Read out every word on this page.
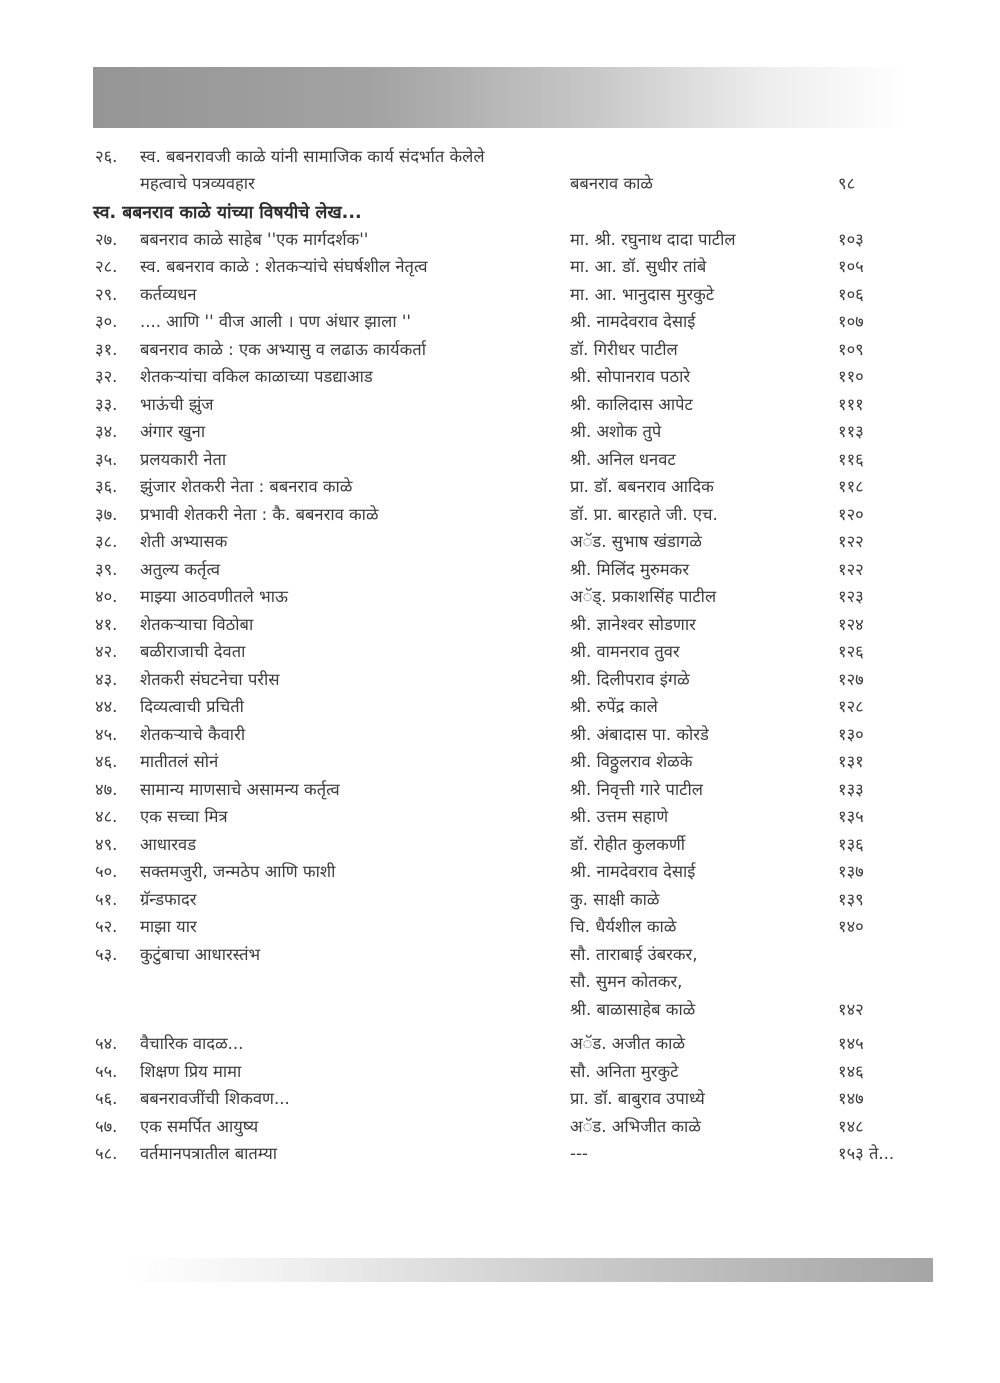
२६.	स्व. बबनरावजी काळे यांनी सामाजिक कार्य संदर्भात केलेले
महत्वाचे पत्रव्यवहार	बबनराव काळे	९८
स्व. बबनराव काळे यांच्या विषयीचे लेख...
२७.	बबनराव काळे साहेब ''एक मार्गदर्शक''	मा. श्री. रघुनाथ दादा पाटील	१०३
२८.	स्व. बबनराव काळे : शेतकऱ्यांचे संघर्षशील नेतृत्व	मा. आ. डॉ. सुधीर तांबे	१०५
२९.	कर्तव्यधन	मा. आ. भानुदास मुरकुटे	१०६
३०.	.... आणि '' वीज आली । पण अंधार झाला ''	श्री. नामदेवराव देसाई	१०७
३१.	बबनराव काळे : एक अभ्यासु व लढाऊ कार्यकर्ता	डॉ. गिरीधर पाटील	१०९
३२.	शेतकऱ्यांचा वकिल काळाच्या पडद्याआड	श्री. सोपानराव पठारे	११०
३३.	भाऊंची झुंज	श्री. कालिदास आपेट	१११
३४.	अंगार खुना	श्री. अशोक तुपे	११३
३५.	प्रलयकारी नेता	श्री. अनिल धनवट	११६
३६.	झुंजार शेतकरी नेता : बबनराव काळे	प्रा. डॉ. बबनराव आदिक	११८
३७.	प्रभावी शेतकरी नेता : कै. बबनराव काळे	डॉ. प्रा. बारहाते जी. एच.	१२०
३८.	शेती अभ्यासक	अॅड. सुभाष खंडागळे	१२२
३९.	अतुल्य कर्तृत्व	श्री. मिलिंद मुरुमकर	१२२
४०.	माझ्या आठवणीतले भाऊ	अॅड्. प्रकाशसिंह पाटील	१२३
४१.	शेतकऱ्याचा विठोबा	श्री. ज्ञानेश्वर सोडणार	१२४
४२.	बळीराजाची देवता	श्री. वामनराव तुवर	१२६
४३.	शेतकरी संघटनेचा परीस	श्री. दिलीपराव इंगळे	१२७
४४.	दिव्यत्वाची प्रचिती	श्री. रुपेंद्र काले	१२८
४५.	शेतकऱ्याचे कैवारी	श्री. अंबादास पा. कोरडे	१३०
४६.	मातीतलं सोनं	श्री. विठ्ठुलराव शेळके	१३१
४७.	सामान्य माणसाचे असामन्य कर्तृत्व	श्री. निवृत्ती गारे पाटील	१३३
४८.	एक सच्चा मित्र	श्री. उत्तम सहाणे	१३५
४९.	आधारवड	डॉ. रोहीत कुलकर्णी	१३६
५०.	सक्तमजुरी, जन्मठेप आणि फाशी	श्री. नामदेवराव देसाई	१३७
५१.	ग्रॅन्डफादर	कु. साक्षी काळे	१३९
५२.	माझा यार	चि. धैर्यशील काळे	१४०
५३.	कुटुंबाचा आधारस्तंभ	सौ. ताराबाई उंबरकर,
सौ. सुमन कोतकर,
श्री. बाळासाहेब काळे	१४२
५४.	वैचारिक वादळ...	अॅड. अजीत काळे	१४५
५५.	शिक्षण प्रिय मामा	सौ. अनिता मुरकुटे	१४६
५६.	बबनरावजींची शिकवण...	प्रा. डॉ. बाबुराव उपाध्ये	१४७
५७.	एक समर्पित आयुष्य	अॅड. अभिजीत काळे	१४८
५८.	वर्तमानपत्रातील बातम्या	---	१५३ ते...
